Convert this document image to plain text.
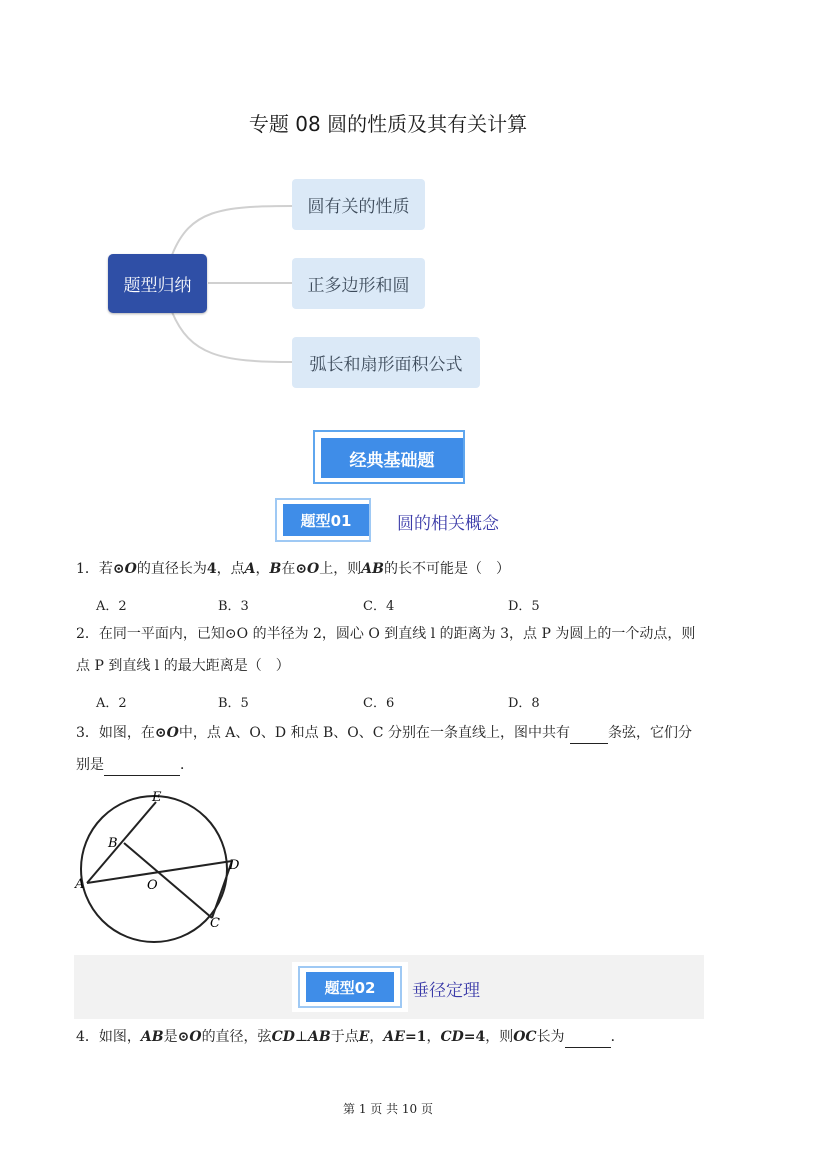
专题 08 圆的性质及其有关计算
题型归纳
圆有关的性质
正多边形和圆
弧长和扇形面积公式
经典基础题
题型01	圆的相关概念
1．若⊙O的直径长为4，点A，B在⊙O上，则AB的长不可能是（　）
A．2	B．3	C．4	D．5
2．在同一平面内，已知⊙O 的半径为 2，圆心 O 到直线 l 的距离为 3，点 P 为圆上的一个动点，则
点 P 到直线 l 的最大距离是（　）
A．2	B．5	C．6	D．8
3．如图，在⊙O中，点 A、O、D 和点 B、O、C 分别在一条直线上，图中共有	条弦，它们分
别是	．
E
B
A	O
D
C
题型02	垂径定理
4．如图，AB是⊙O的直径，弦CD⊥AB于点E，AE=1，CD=4，则OC长为	．
第 1 页 共 10 页
